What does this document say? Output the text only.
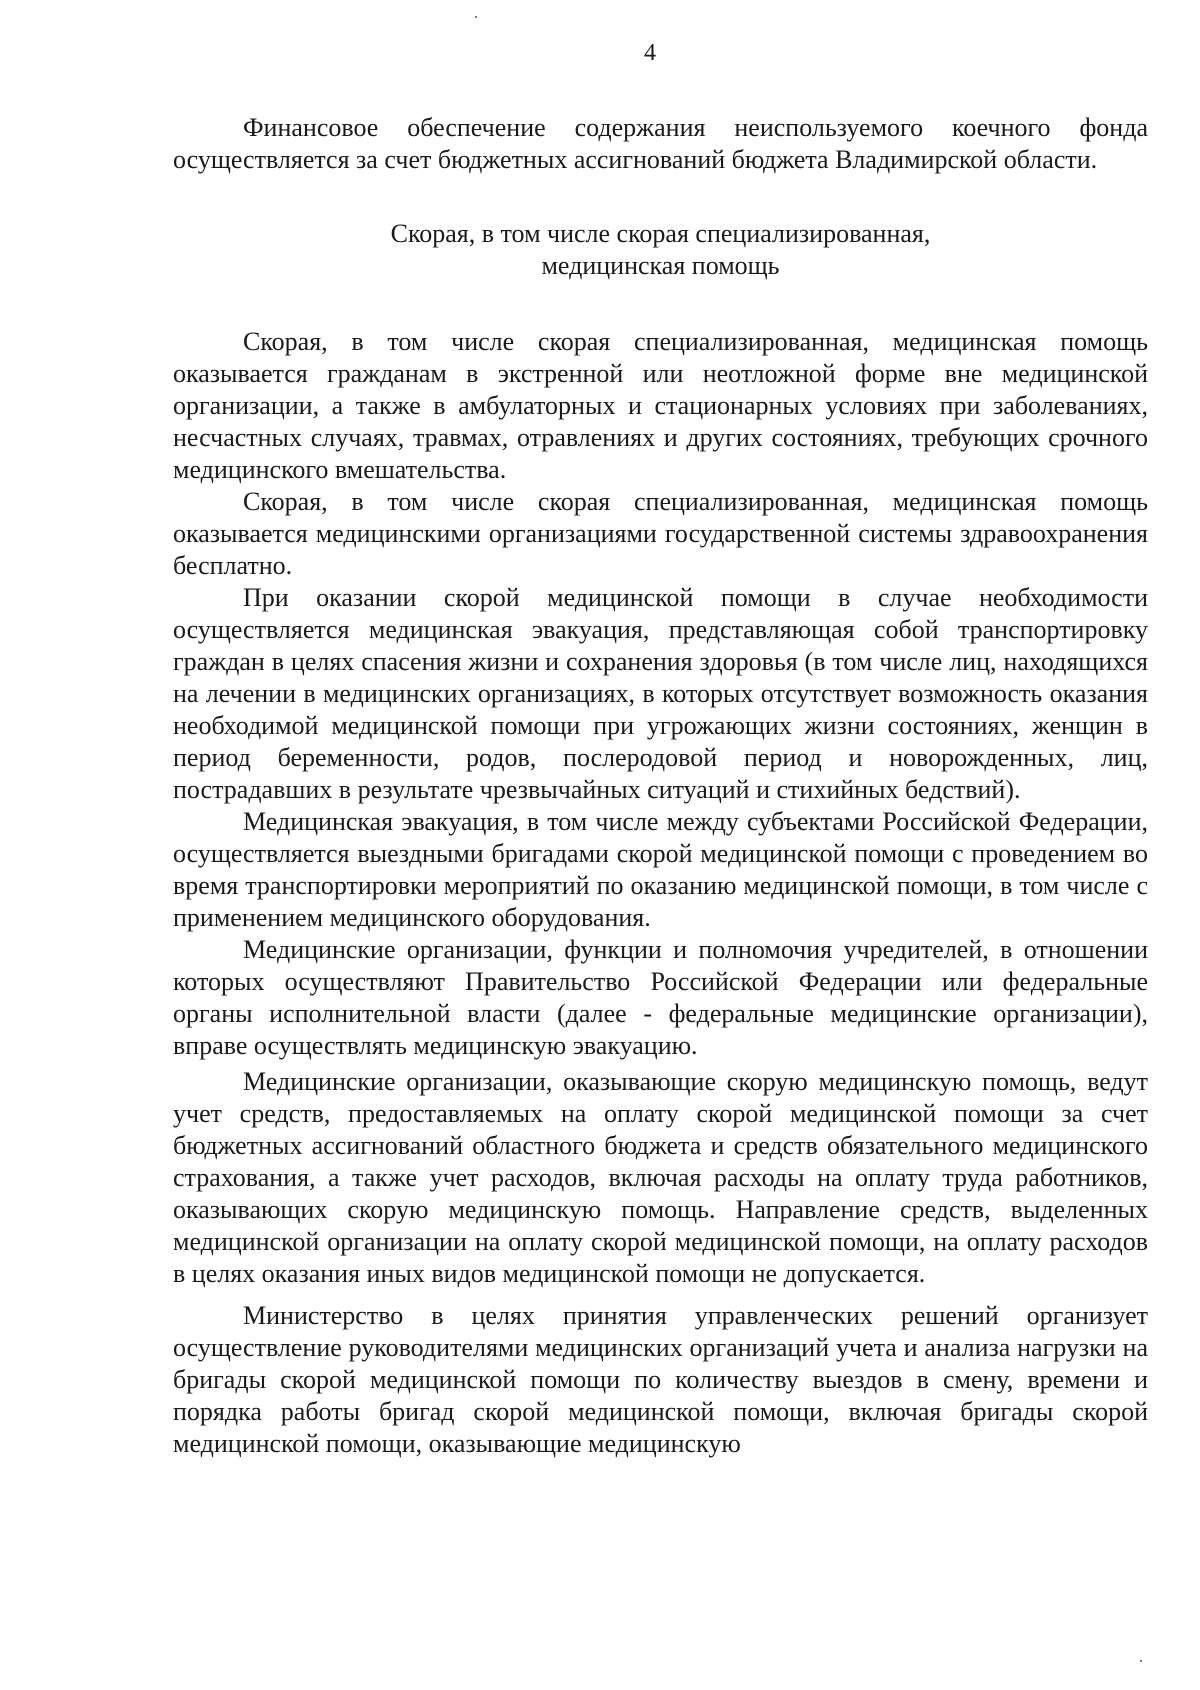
4

Финансовое обеспечение содержания неиспользуемого коечного фонда осуществляется за счет бюджетных ассигнований бюджета Владимирской области.

Скорая, в том числе скорая специализированная,
медицинская помощь

Скорая, в том числе скорая специализированная, медицинская помощь оказывается гражданам в экстренной или неотложной форме вне медицинской организации, а также в амбулаторных и стационарных условиях при заболеваниях, несчастных случаях, травмах, отравлениях и других состояниях, требующих срочного медицинского вмешательства.

Скорая, в том числе скорая специализированная, медицинская помощь оказывается медицинскими организациями государственной системы здравоохранения бесплатно.

При оказании скорой медицинской помощи в случае необходимости осуществляется медицинская эвакуация, представляющая собой транспортировку граждан в целях спасения жизни и сохранения здоровья (в том числе лиц, находящихся на лечении в медицинских организациях, в которых отсутствует возможность оказания необходимой медицинской помощи при угрожающих жизни состояниях, женщин в период беременности, родов, послеродовой период и новорожденных, лиц, пострадавших в результате чрезвычайных ситуаций и стихийных бедствий).

Медицинская эвакуация, в том числе между субъектами Российской Федерации, осуществляется выездными бригадами скорой медицинской помощи с проведением во время транспортировки мероприятий по оказанию медицинской помощи, в том числе с применением медицинского оборудования.

Медицинские организации, функции и полномочия учредителей, в отношении которых осуществляют Правительство Российской Федерации или федеральные органы исполнительной власти (далее - федеральные медицинские организации), вправе осуществлять медицинскую эвакуацию.

Медицинские организации, оказывающие скорую медицинскую помощь, ведут учет средств, предоставляемых на оплату скорой медицинской помощи за счет бюджетных ассигнований областного бюджета и средств обязательного медицинского страхования, а также учет расходов, включая расходы на оплату труда работников, оказывающих скорую медицинскую помощь. Направление средств, выделенных медицинской организации на оплату скорой медицинской помощи, на оплату расходов в целях оказания иных видов медицинской помощи не допускается.

Министерство в целях принятия управленческих решений организует осуществление руководителями медицинских организаций учета и анализа нагрузки на бригады скорой медицинской помощи по количеству выездов в смену, времени и порядка работы бригад скорой медицинской помощи, включая бригады скорой медицинской помощи, оказывающие медицинскую
